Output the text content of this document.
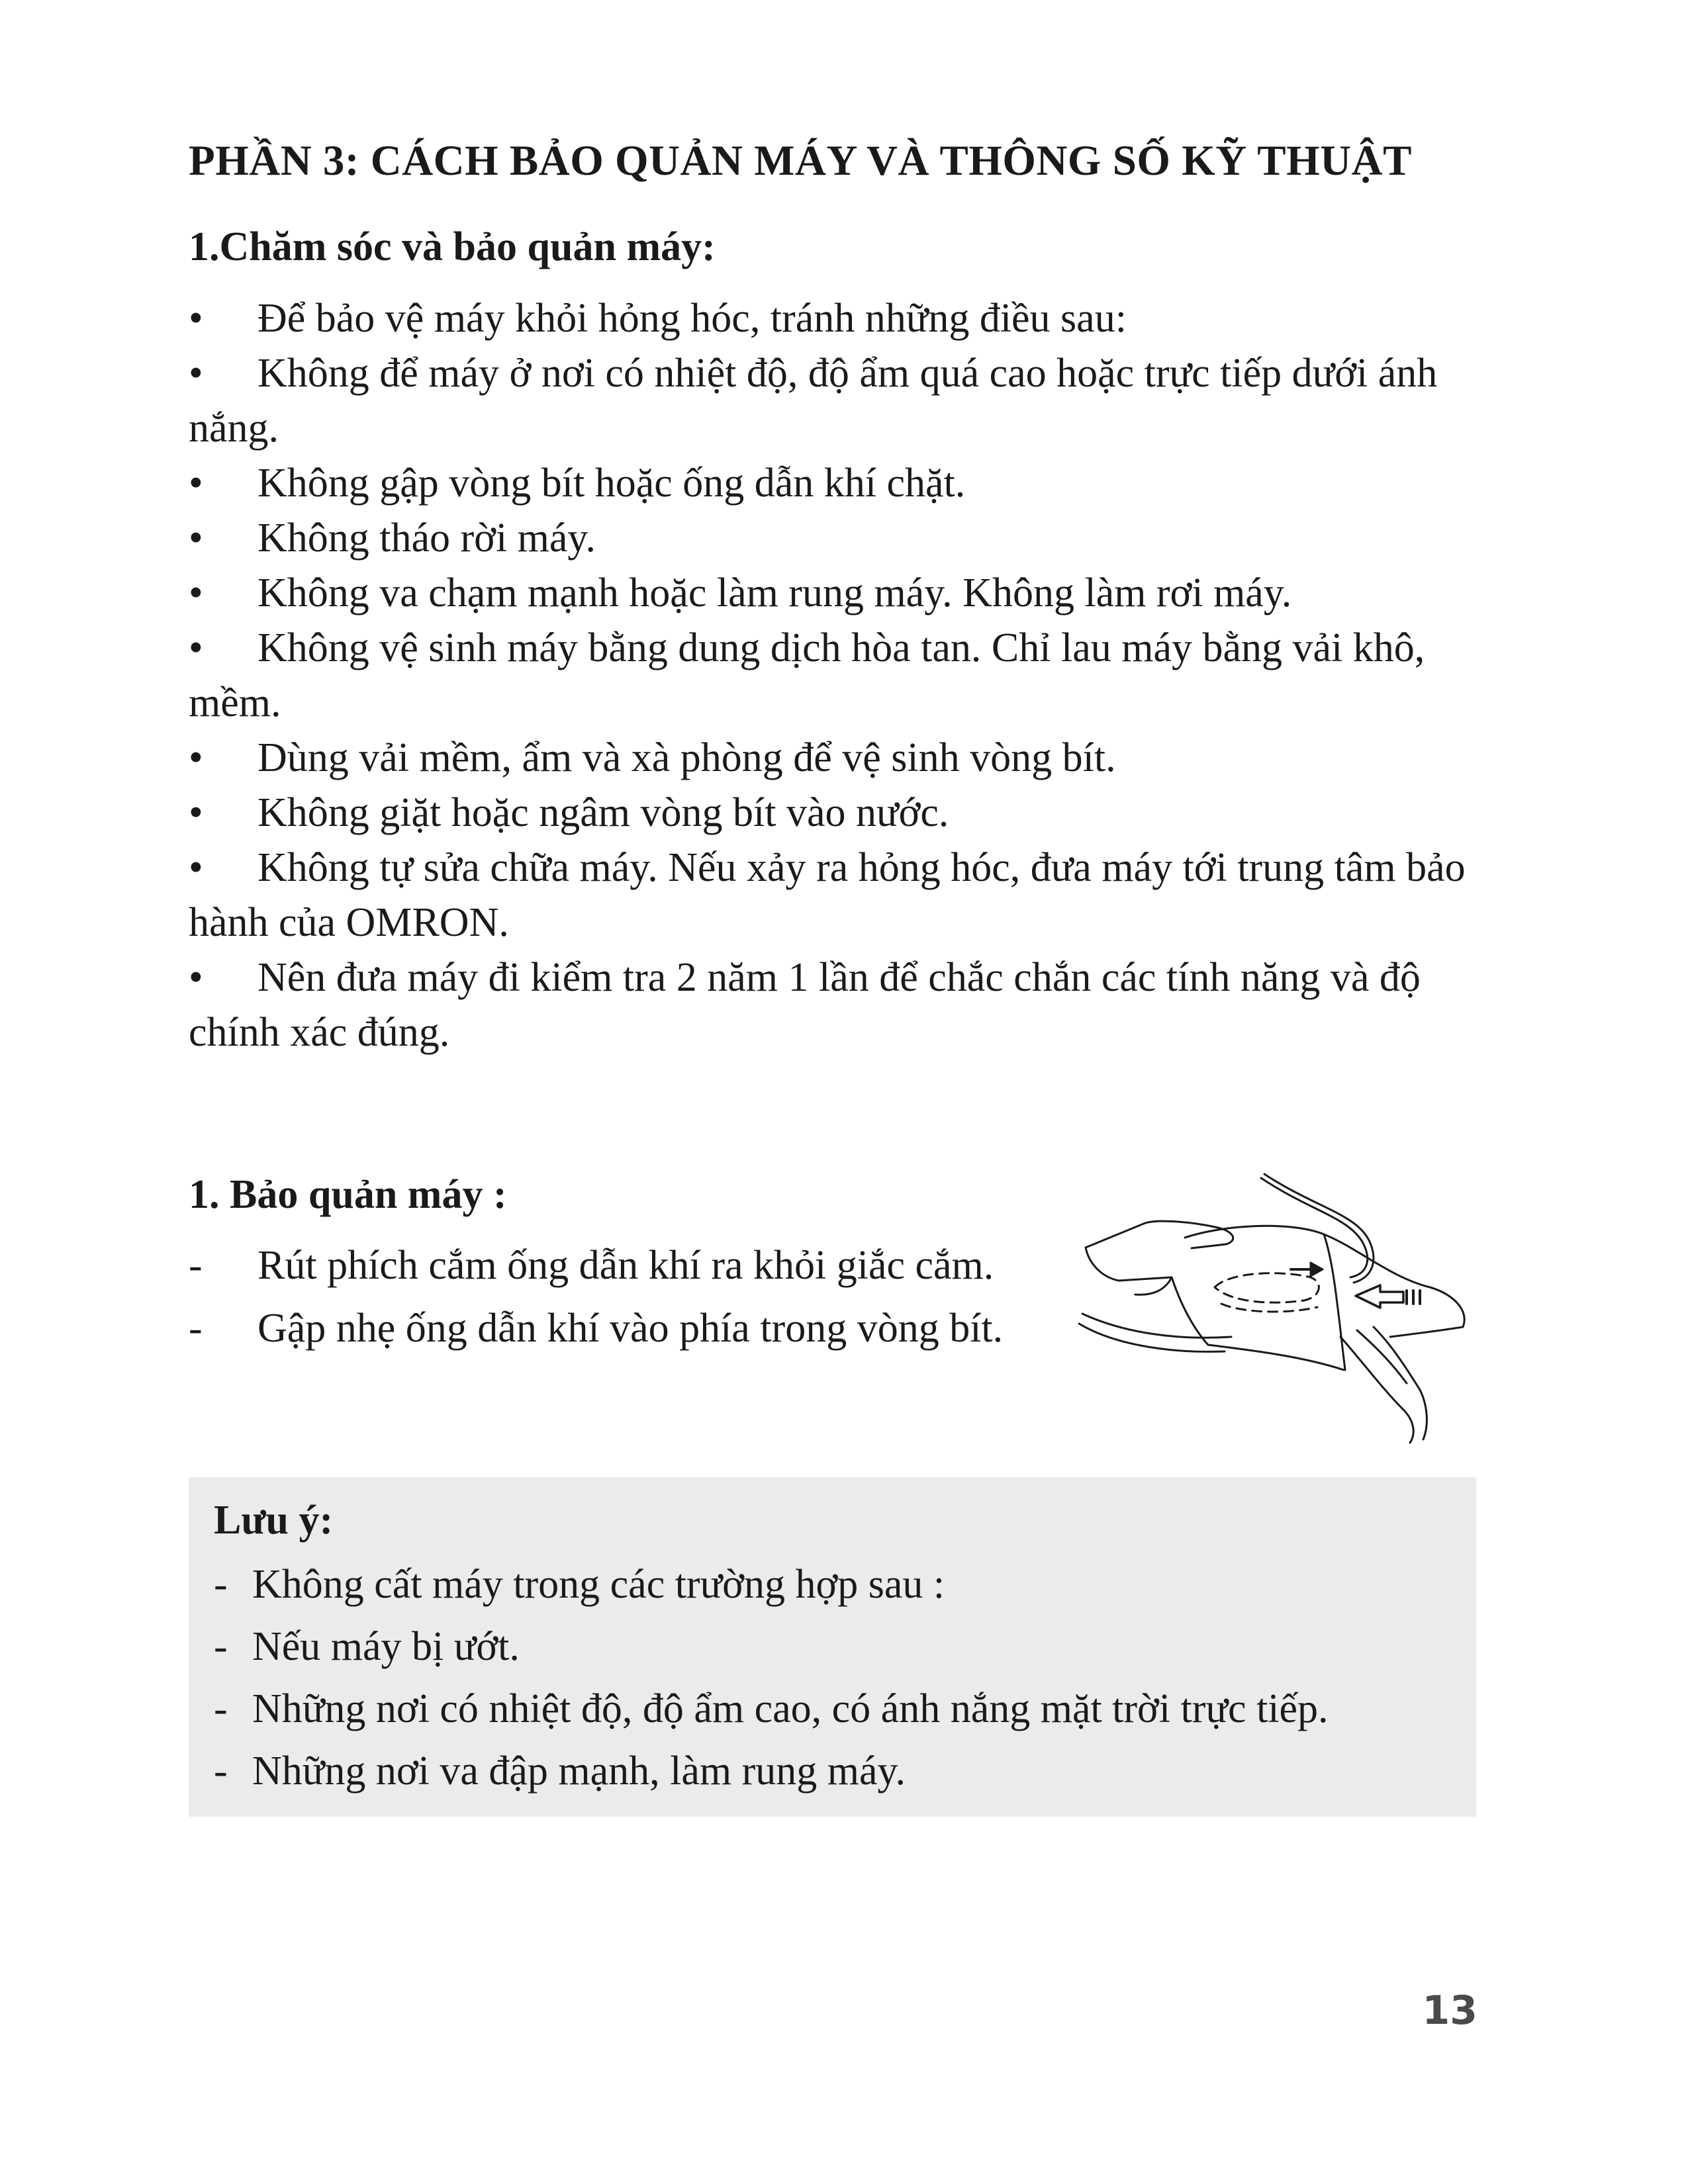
PHẦN 3: CÁCH BẢO QUẢN MÁY VÀ THÔNG SỐ KỸ THUẬT
1.Chăm sóc và bảo quản máy:
• Để bảo vệ máy khỏi hỏng hóc, tránh những điều sau:
• Không để máy ở nơi có nhiệt độ, độ ẩm quá cao hoặc trực tiếp dưới ánh nắng.
• Không gập vòng bít hoặc ống dẫn khí chặt.
• Không tháo rời máy.
• Không va chạm mạnh hoặc làm rung máy. Không làm rơi máy.
• Không vệ sinh máy bằng dung dịch hòa tan. Chỉ lau máy bằng vải khô, mềm.
• Dùng vải mềm, ẩm và xà phòng để vệ sinh vòng bít.
• Không giặt hoặc ngâm vòng bít vào nước.
• Không tự sửa chữa máy. Nếu xảy ra hỏng hóc, đưa máy tới trung tâm bảo hành của OMRON.
• Nên đưa máy đi kiểm tra 2 năm 1 lần để chắc chắn các tính năng và độ chính xác đúng.
1. Bảo quản máy :
- Rút phích cắm ống dẫn khí ra khỏi giắc cắm.
- Gập nhẹ ống dẫn khí vào phía trong vòng bít.
Lưu ý:
- Không cất máy trong các trường hợp sau :
- Nếu máy bị ướt.
- Những nơi có nhiệt độ, độ ẩm cao, có ánh nắng mặt trời trực tiếp.
- Những nơi va đập mạnh, làm rung máy.
13
